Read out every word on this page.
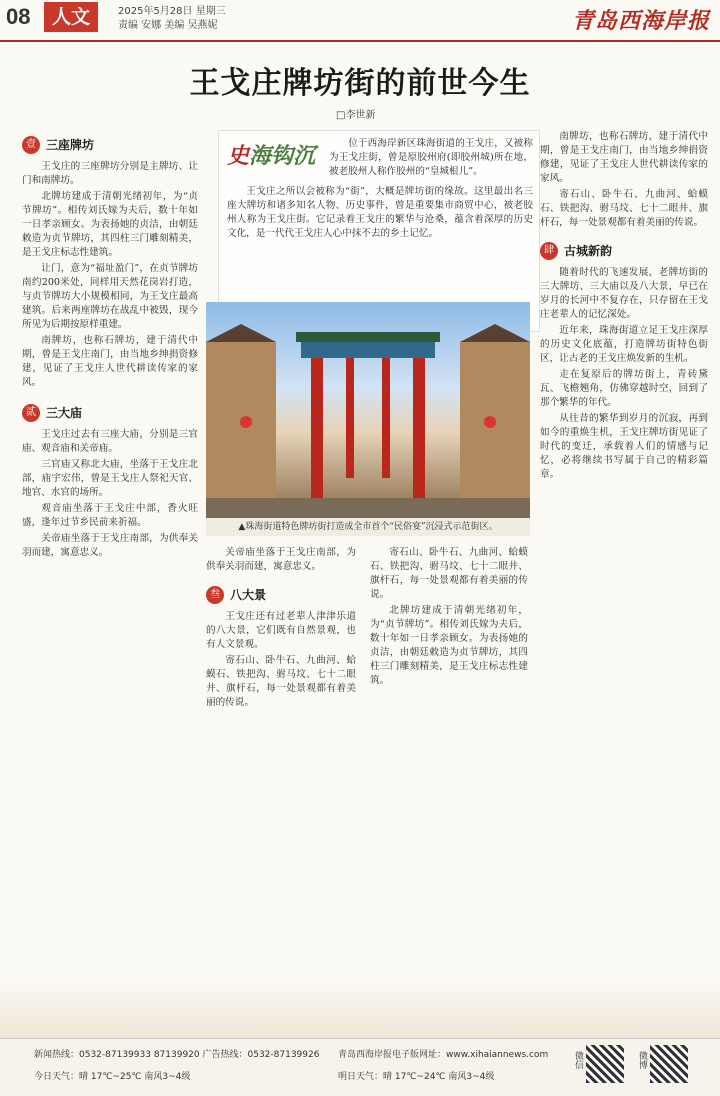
08	人文	2025年5月28日 星期三
责编 安娜 美编 吴燕妮	青岛西海岸报
王戈庄牌坊街的前世今生
□李世新
壹 三座牌坊

王戈庄的三座牌坊分别是主牌坊、让门和南牌坊。

北牌坊建成于清朝光绪初年，为“贞节牌坊”。相传刘氏嫁为夫后，数十年如一日孝亲顾女。为表扬她的贞洁，由朝廷敕造为贞节牌坊，其四柱三门雕刻精美，是王戈庄标志性建筑。

让门，意为“福址盈门”，在贞节牌坊南约200米处，同样用天然花岗岩打造，与贞节牌坊大小规模相同，为王戈庄最高建筑。后来两座牌坊在战乱中被毁，现今所见为后期按原样重建。

南牌坊，也称石牌坊，建于清代中期，曾是王戈庄南门，由当地乡绅捐资修建，见证了王戈庄人世代耕读传家的家风。

贰 三大庙

王戈庄过去有三座大庙，分别是三官庙、观音庙和关帝庙。

三官庙又称北大庙，坐落于王戈庄北部，庙宇宏伟，曾是王戈庄人祭祀天官、地官、水官的场所。

观音庙坐落于王戈庄中部，香火旺盛，逢年过节乡民前来祈福。

关帝庙坐落于王戈庄南部，为供奉关羽而建，寓意忠义。

史海钩沉	位于西海岸新区珠海街道的王戈庄，又被称为王戈庄街，曾是原胶州府(即胶州城)所在地，被老胶州人称作胶州的“皇城根儿”。
王戈庄之所以会被称为“街”，大概是牌坊街的缘故。这里最出名三座大牌坊和诸多知名人物、历史事件，曾是重要集市商贸中心，被老胶州人称为王戈庄街。它记录着王戈庄的繁华与沧桑，蕴含着深厚的历史文化，是一代代王戈庄人心中抹不去的乡土记忆。
▲珠海街道特色牌坊街打造成全市首个“民俗宴”沉浸式示范街区。

关帝庙坐落于王戈庄南部，为供奉关羽而建，寓意忠义。

叁 八大景

王戈庄还有过老辈人津津乐道的八大景，它们既有自然景观，也有人文景观。

寄石山、卧牛石、九曲河、蛤蟆石、铁把沟、驸马坟、七十二眼井、旗杆石，每一处景观都有着美丽的传说。

寄石山、卧牛石、九曲河、蛤蟆石、铁把沟、驸马坟、七十二眼井、旗杆石，每一处景观都有着美丽的传说。

北牌坊建成于清朝光绪初年，为“贞节牌坊”。相传刘氏嫁为夫后，数十年如一日孝亲顾女。为表扬她的贞洁，由朝廷敕造为贞节牌坊，其四柱三门雕刻精美，是王戈庄标志性建筑。

南牌坊，也称石牌坊，建于清代中期，曾是王戈庄南门，由当地乡绅捐资修建，见证了王戈庄人世代耕读传家的家风。

寄石山、卧牛石、九曲河、蛤蟆石、铁把沟、驸马坟、七十二眼井、旗杆石，每一处景观都有着美丽的传说。

肆 古城新韵

随着时代的飞速发展，老牌坊街的三大牌坊、三大庙以及八大景，早已在岁月的长河中不复存在，只存留在王戈庄老辈人的记忆深处。

近年来，珠海街道立足王戈庄深厚的历史文化底蕴，打造牌坊街特色街区，让古老的王戈庄焕发新的生机。

走在复原后的牌坊街上，青砖黛瓦、飞檐翘角，仿佛穿越时空，回到了那个繁华的年代。

从往昔的繁华到岁月的沉寂，再到如今的重焕生机，王戈庄牌坊街见证了时代的变迁，承载着人们的情感与记忆，必将继续书写属于自己的精彩篇章。

新闻热线：0532-87139933 87139920 广告热线：0532-87139926
今日天气：晴 17℃~25℃ 南风3~4级
青岛西海岸报电子版网址：www.xihaiannews.com
明日天气：晴 17℃~24℃ 南风3~4级
微信	微博
